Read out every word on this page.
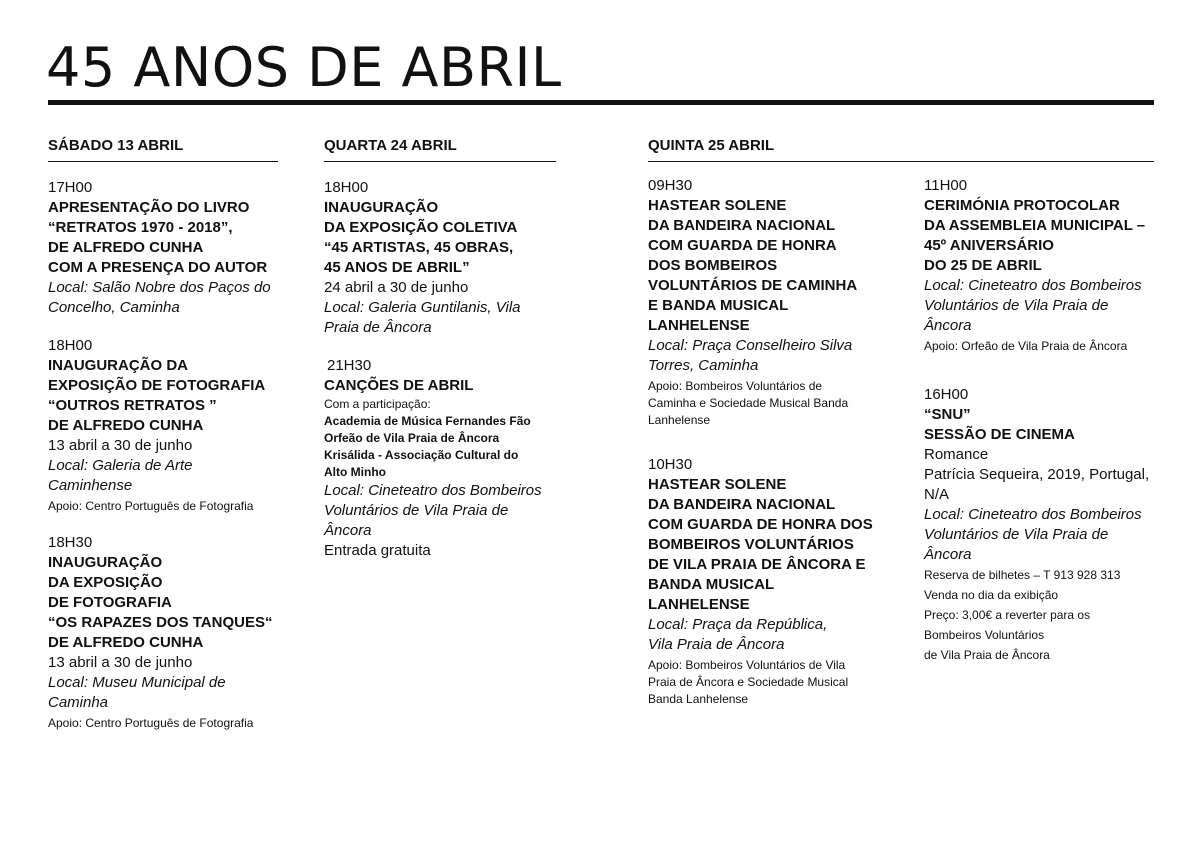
45 ANOS DE ABRIL
SÁBADO 13 ABRIL
17H00
APRESENTAÇÃO DO LIVRO
“RETRATOS 1970 - 2018”,
DE ALFREDO CUNHA
COM A PRESENÇA DO AUTOR
Local: Salão Nobre dos Paços do
Concelho, Caminha
18H00
INAUGURAÇÃO DA
EXPOSIÇÃO DE FOTOGRAFIA
“OUTROS RETRATOS ”
DE ALFREDO CUNHA
13 abril a 30 de junho
Local: Galeria de Arte
Caminhense
Apoio: Centro Português de Fotografia
18H30
INAUGURAÇÃO
DA EXPOSIÇÃO
DE FOTOGRAFIA
“OS RAPAZES DOS TANQUES“
DE ALFREDO CUNHA
13 abril a 30 de junho
Local: Museu Municipal de
Caminha
Apoio: Centro Português de Fotografia
QUARTA 24 ABRIL
18H00
INAUGURAÇÃO
DA EXPOSIÇÃO COLETIVA
“45 ARTISTAS, 45 OBRAS,
45 ANOS DE ABRIL”
24 abril a 30 de junho
Local: Galeria Guntilanis, Vila
Praia de Âncora
21H30
CANÇÕES DE ABRIL
Com a participação:
Academia de Música Fernandes Fão
Orfeão de Vila Praia de Âncora
Krisálida - Associação Cultural do
Alto Minho
Local: Cineteatro dos Bombeiros
Voluntários de Vila Praia de
Âncora
Entrada gratuita
QUINTA 25 ABRIL
09H30
HASTEAR SOLENE
DA BANDEIRA NACIONAL
COM GUARDA DE HONRA
DOS BOMBEIROS
VOLUNTÁRIOS DE CAMINHA
E BANDA MUSICAL
LANHELENSE
Local: Praça Conselheiro Silva
Torres, Caminha
Apoio: Bombeiros Voluntários de
Caminha e Sociedade Musical Banda
Lanhelense
10H30
HASTEAR SOLENE
DA BANDEIRA NACIONAL
COM GUARDA DE HONRA DOS
BOMBEIROS VOLUNTÁRIOS
DE VILA PRAIA DE ÂNCORA E
BANDA MUSICAL
LANHELENSE
Local: Praça da República,
Vila Praia de Âncora
Apoio: Bombeiros Voluntários de Vila
Praia de Âncora e Sociedade Musical
Banda Lanhelense
11H00
CERIMÓNIA PROTOCOLAR
DA ASSEMBLEIA MUNICIPAL –
45º ANIVERSÁRIO
DO 25 DE ABRIL
Local: Cineteatro dos Bombeiros
Voluntários de Vila Praia de
Âncora
Apoio: Orfeão de Vila Praia de Âncora
16H00
“SNU”
SESSÃO DE CINEMA
Romance
Patrícia Sequeira, 2019, Portugal,
N/A
Local: Cineteatro dos Bombeiros
Voluntários de Vila Praia de
Âncora
Reserva de bilhetes – T 913 928 313
Venda no dia da exibição
Preço: 3,00€ a reverter para os
Bombeiros Voluntários
de Vila Praia de Âncora
